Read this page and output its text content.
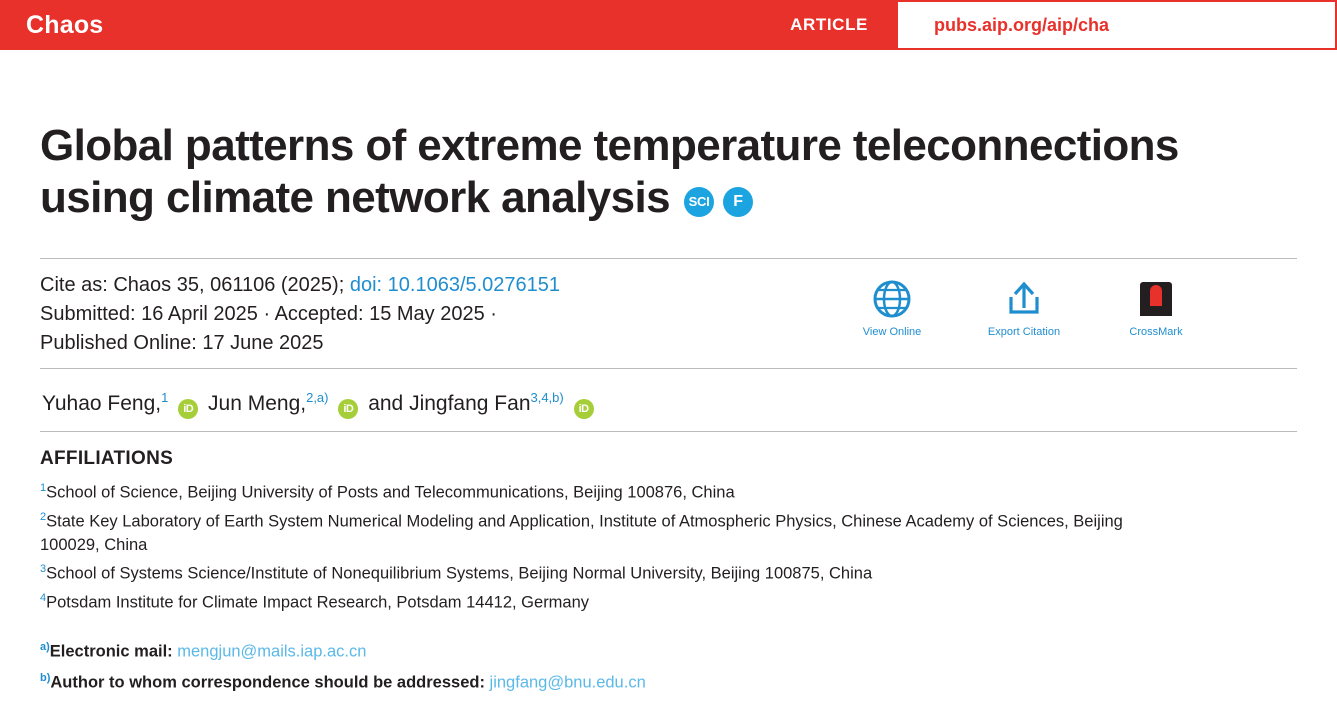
Chaos	ARTICLE	pubs.aip.org/aip/cha
Global patterns of extreme temperature teleconnections using climate network analysis	SCI	F
Cite as: Chaos 35, 061106 (2025); doi: 10.1063/5.0276151
Submitted: 16 April 2025 · Accepted: 15 May 2025 ·
Published Online: 17 June 2025	View Online	Export Citation	CrossMark
Yuhao Feng,$^1$ iD Jun Meng,$^{2,a)}$ iD and Jingfang Fan$^{3,4,b)}$ iD
AFFILIATIONS
$^1$School of Science, Beijing University of Posts and Telecommunications, Beijing 100876, China
$^2$State Key Laboratory of Earth System Numerical Modeling and Application, Institute of Atmospheric Physics, Chinese Academy of Sciences, Beijing 100029, China
$^3$School of Systems Science/Institute of Nonequilibrium Systems, Beijing Normal University, Beijing 100875, China
$^4$Potsdam Institute for Climate Impact Research, Potsdam 14412, Germany
$^{a)}$Electronic mail: mengjun@mails.iap.ac.cn
$^{b)}$Author to whom correspondence should be addressed: jingfang@bnu.edu.cn
